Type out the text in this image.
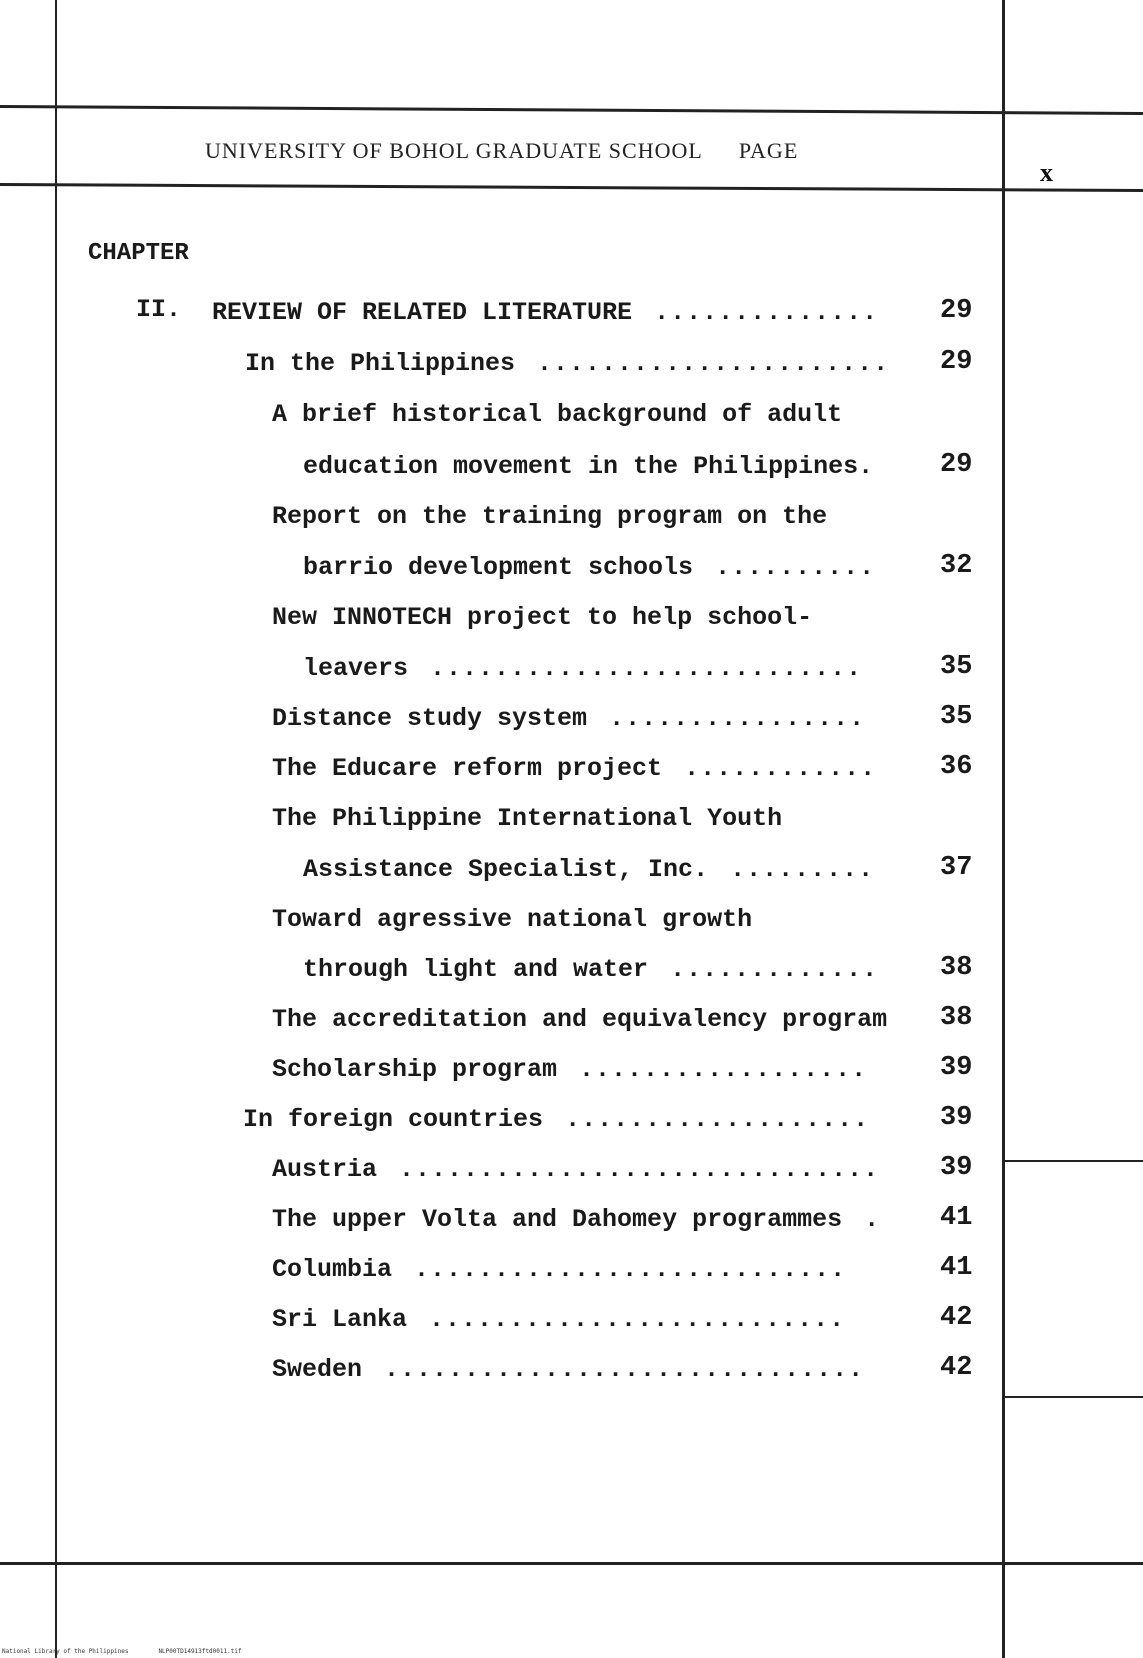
UNIVERSITY OF BOHOL GRADUATE SCHOOL PAGE
x
CHAPTER
II. REVIEW OF RELATED LITERATURE .............. 29
In the Philippines ...................... 29
A brief historical background of adult
education movement in the Philippines. 29
Report on the training program on the
barrio development schools .......... 32
New INNOTECH project to help school-
leavers ...........................	35
Distance study system ................	35
The Educare reform project ............ 36
The Philippine International Youth
Assistance Specialist, Inc. ......... 37
Toward agressive national growth
through light and water ............. 38
The accreditation and equivalency program 38
Scholarship program ..................	39
In foreign countries ...................	39
Austria .............................. 39
The upper Volta and Dahomey programmes . 41
Columbia ...........................	41
Sri Lanka ..........................	42
Sweden ..............................	42
National Library of the Philippines	NLP00TD14913ftd0011.tif
